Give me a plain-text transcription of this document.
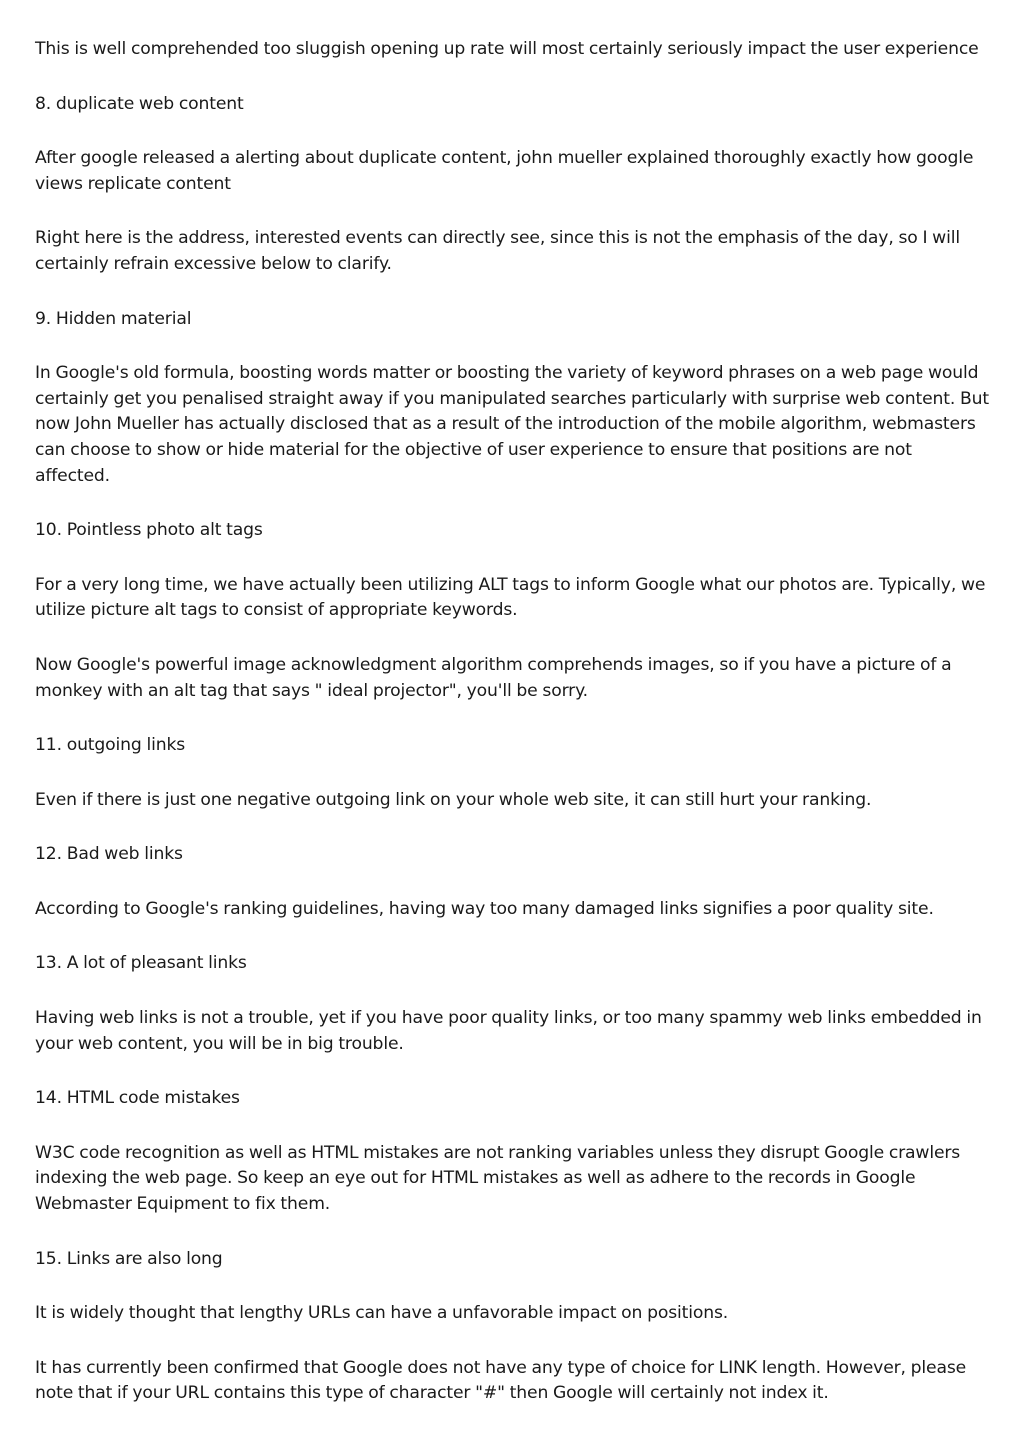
This is well comprehended too sluggish opening up rate will most certainly seriously impact the user experience

8. duplicate web content

After google released a alerting about duplicate content, john mueller explained thoroughly exactly how google views replicate content

Right here is the address, interested events can directly see, since this is not the emphasis of the day, so I will certainly refrain excessive below to clarify.

9. Hidden material

In Google's old formula, boosting words matter or boosting the variety of keyword phrases on a web page would certainly get you penalised straight away if you manipulated searches particularly with surprise web content. But now John Mueller has actually disclosed that as a result of the introduction of the mobile algorithm, webmasters can choose to show or hide material for the objective of user experience to ensure that positions are not affected.

10. Pointless photo alt tags

For a very long time, we have actually been utilizing ALT tags to inform Google what our photos are. Typically, we utilize picture alt tags to consist of appropriate keywords.

Now Google's powerful image acknowledgment algorithm comprehends images, so if you have a picture of a monkey with an alt tag that says " ideal projector", you'll be sorry.

11. outgoing links

Even if there is just one negative outgoing link on your whole web site, it can still hurt your ranking.

12. Bad web links

According to Google's ranking guidelines, having way too many damaged links signifies a poor quality site.

13. A lot of pleasant links

Having web links is not a trouble, yet if you have poor quality links, or too many spammy web links embedded in your web content, you will be in big trouble.

14. HTML code mistakes

W3C code recognition as well as HTML mistakes are not ranking variables unless they disrupt Google crawlers indexing the web page. So keep an eye out for HTML mistakes as well as adhere to the records in Google Webmaster Equipment to fix them.

15. Links are also long

It is widely thought that lengthy URLs can have a unfavorable impact on positions.

It has currently been confirmed that Google does not have any type of choice for LINK length. However, please note that if your URL contains this type of character "#" then Google will certainly not index it.
